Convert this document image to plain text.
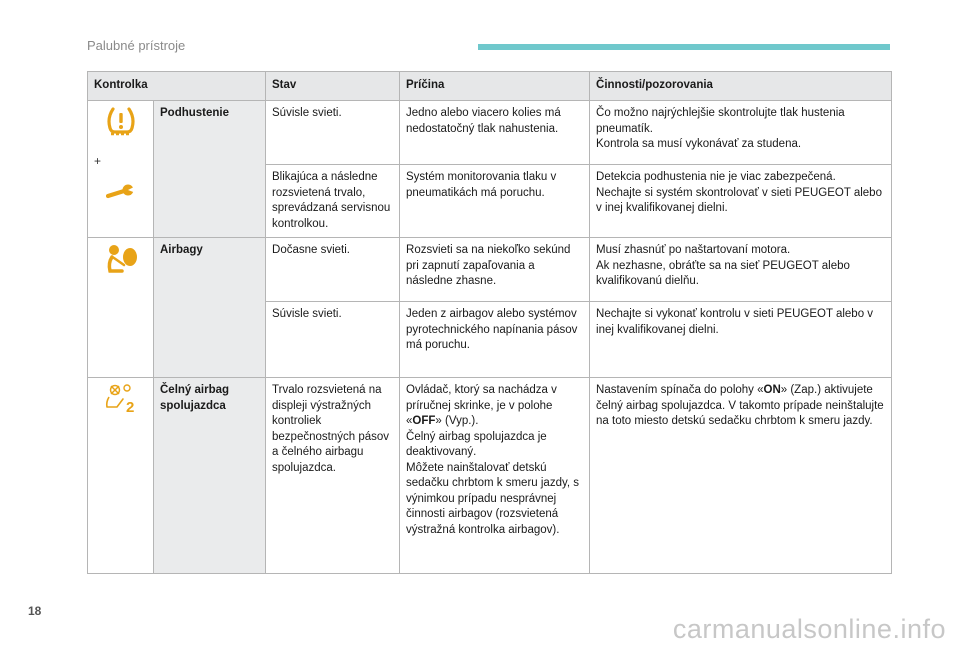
Palubné prístroje
Kontrolka		Stav	Príčina	Činnosti/pozorovania

+	Podhustenie	Súvisle svieti.	Jedno alebo viacero kolies má nedostatočný tlak nahustenia.	Čo možno najrýchlejšie skontrolujte tlak hustenia pneumatík.
Kontrola sa musí vykonávať za studena.
		Blikajúca a následne rozsvietená trvalo, sprevádzaná servisnou kontrolkou.	Systém monitorovania tlaku v pneumatikách má poruchu.	Detekcia podhustenia nie je viac zabezpečená.
Nechajte si systém skontrolovať v sieti PEUGEOT alebo v inej kvalifikovanej dielni.

	Airbagy	Dočasne svieti.	Rozsvieti sa na niekoľko sekúnd pri zapnutí zapaľovania a následne zhasne.	Musí zhasnúť po naštartovaní motora.
Ak nezhasne, obráťte sa na sieť PEUGEOT alebo kvalifikovanú dielňu.
		Súvisle svieti.	Jeden z airbagov alebo systémov pyrotechnického napínania pásov má poruchu.	Nechajte si vykonať kontrolu v sieti PEUGEOT alebo v inej kvalifikovanej dielni.

2	Čelný airbag spolujazdca	Trvalo rozsvietená na displeji výstražných kontroliek bezpečnostných pásov a čelného airbagu spolujazdca.	Ovládač, ktorý sa nachádza v príručnej skrinke, je v polohe «OFF» (Vyp.).
Čelný airbag spolujazdca je deaktivovaný.
Môžete nainštalovať detskú sedačku chrbtom k smeru jazdy, s výnimkou prípadu nesprávnej činnosti airbagov (rozsvietená výstražná kontrolka airbagov).	Nastavením spínača do polohy «ON» (Zap.) aktivujete čelný airbag spolujazdca. V takomto prípade neinštalujte na toto miesto detskú sedačku chrbtom k smeru jazdy.
18
carmanualsonline.info
